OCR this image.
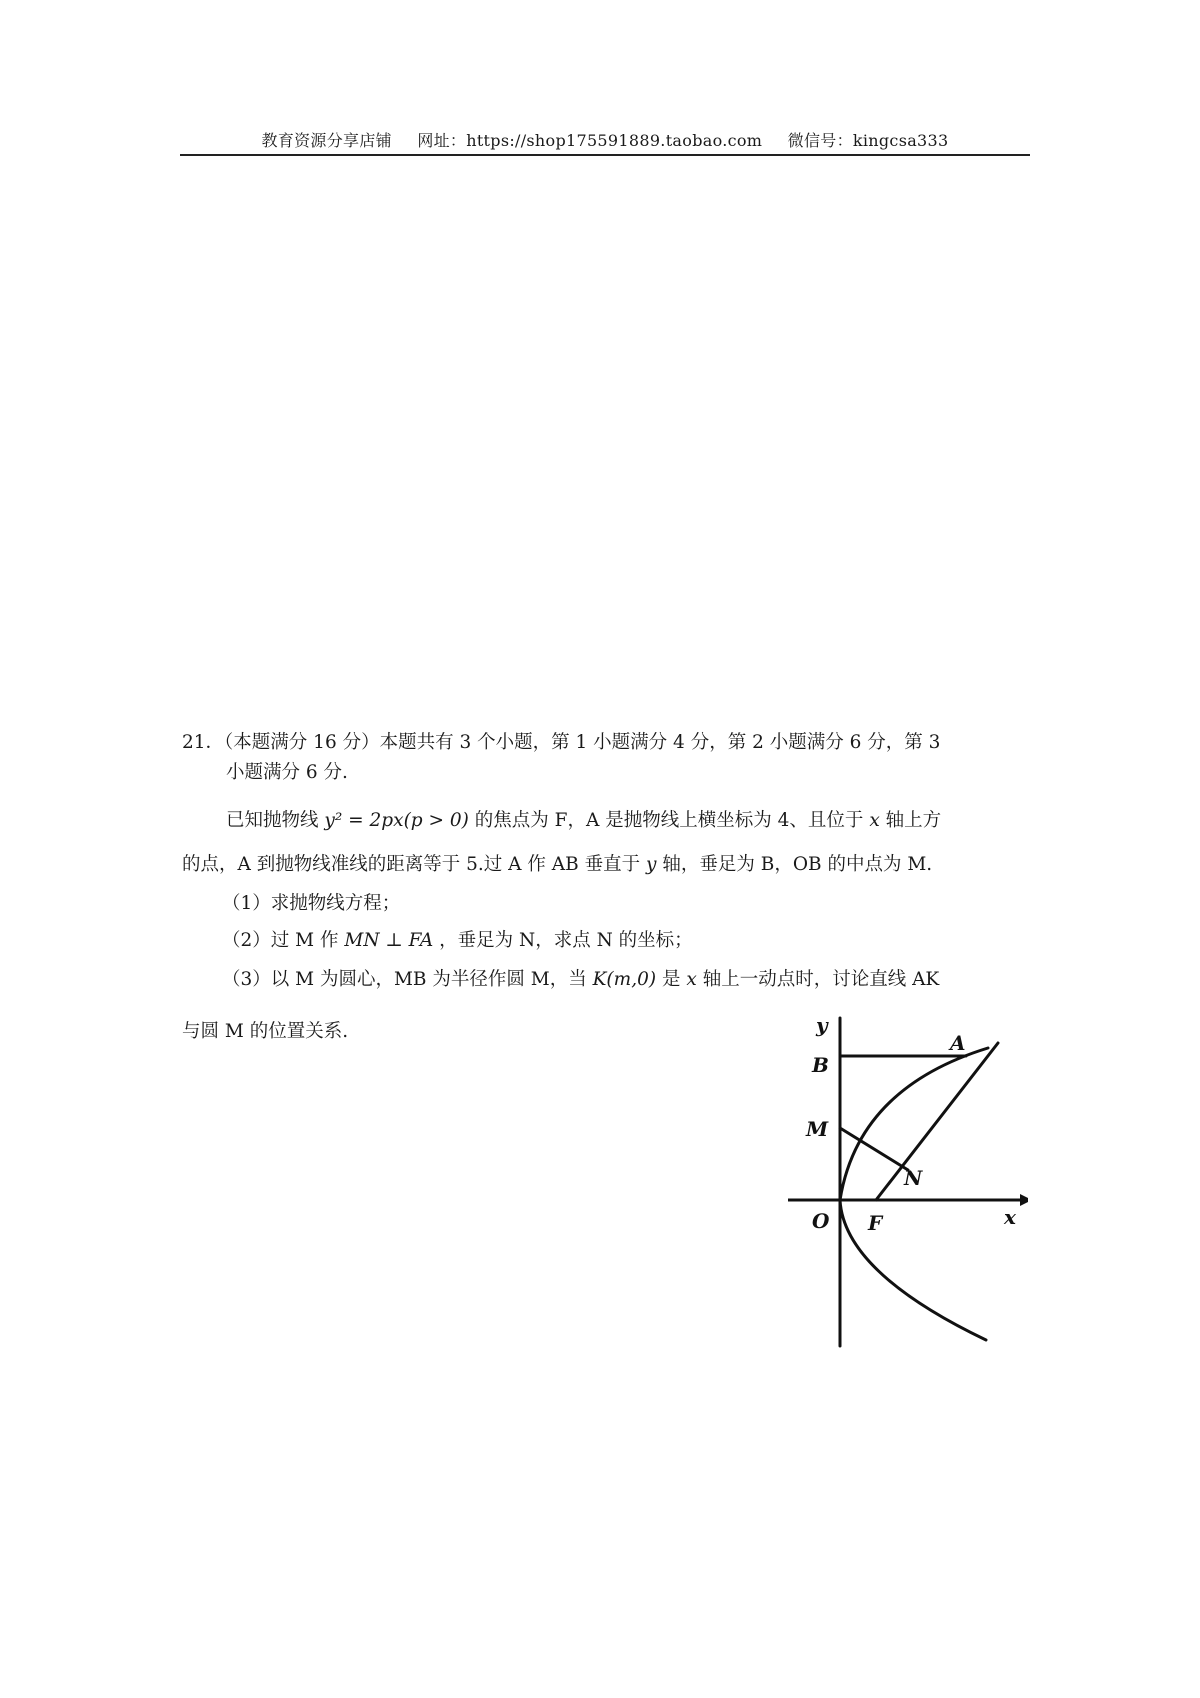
教育资源分享店铺 网址：https://shop175591889.taobao.com 微信号：kingcsa333
21．（本题满分 16 分）本题共有 3 个小题，第 1 小题满分 4 分，第 2 小题满分 6 分，第 3
小题满分 6 分.
已知抛物线 y² = 2px(p > 0) 的焦点为 F，A 是抛物线上横坐标为 4、且位于 x 轴上方
的点，A 到抛物线准线的距离等于 5.过 A 作 AB 垂直于 y 轴，垂足为 B，OB 的中点为 M.
（1）求抛物线方程；
（2）过 M 作 MN ⊥ FA ，垂足为 N，求点 N 的坐标；
（3）以 M 为圆心，MB 为半径作圆 M，当 K(m,0) 是 x 轴上一动点时，讨论直线 AK
与圆 M 的位置关系.	y
B
A
M
N
O F	x
